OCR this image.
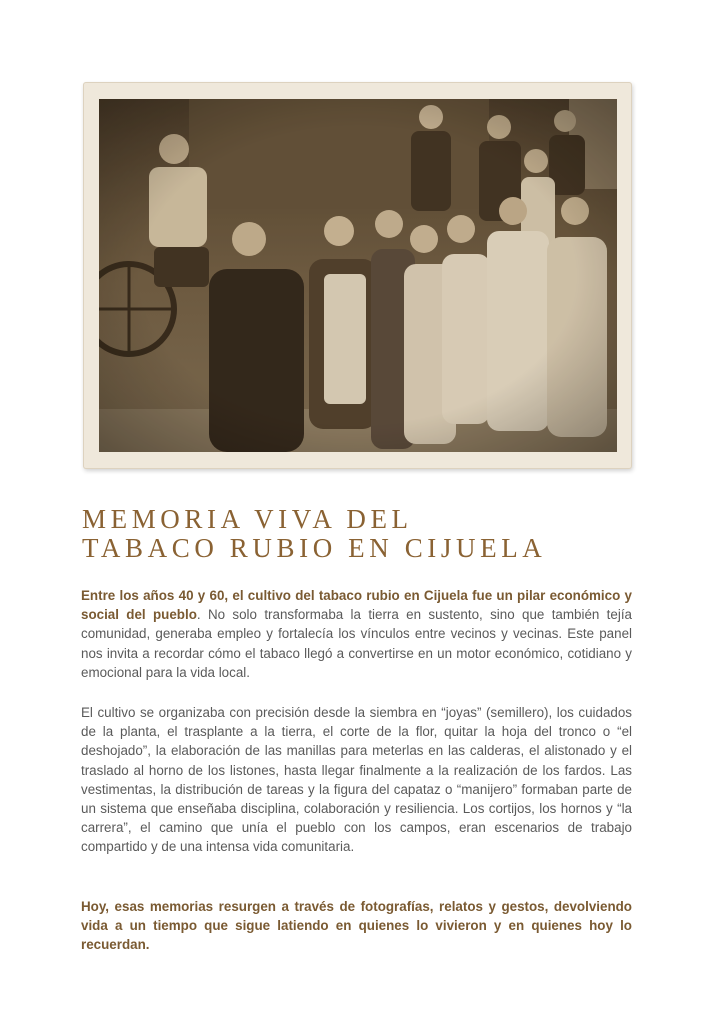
MEMORIA VIVA DEL
TABACO RUBIO EN CIJUELA

Entre los años 40 y 60, el cultivo del tabaco rubio en Cijuela fue un pilar económico y social del pueblo. No solo transformaba la tierra en sustento, sino que también tejía comunidad, generaba empleo y fortalecía los vínculos entre vecinos y vecinas. Este panel nos invita a recordar cómo el tabaco llegó a convertirse en un motor económico, cotidiano y emocional para la vida local.

El cultivo se organizaba con precisión desde la siembra en “joyas” (semillero), los cuidados de la planta, el trasplante a la tierra, el corte de la flor, quitar la hoja del tronco o “el deshojado”, la elaboración de las manillas para meterlas en las calderas, el alistonado y el traslado al horno de los listones, hasta llegar finalmente a la realización de los fardos. Las vestimentas, la distribución de tareas y la figura del capataz o “manijero” formaban parte de un sistema que enseñaba disciplina, colaboración y resiliencia. Los cortijos, los hornos y “la carrera”, el camino que unía el pueblo con los campos, eran escenarios de trabajo compartido y de una intensa vida comunitaria.

Hoy, esas memorias resurgen a través de fotografías, relatos y gestos, devolviendo vida a un tiempo que sigue latiendo en quienes lo vivieron y en quienes hoy lo recuerdan.
